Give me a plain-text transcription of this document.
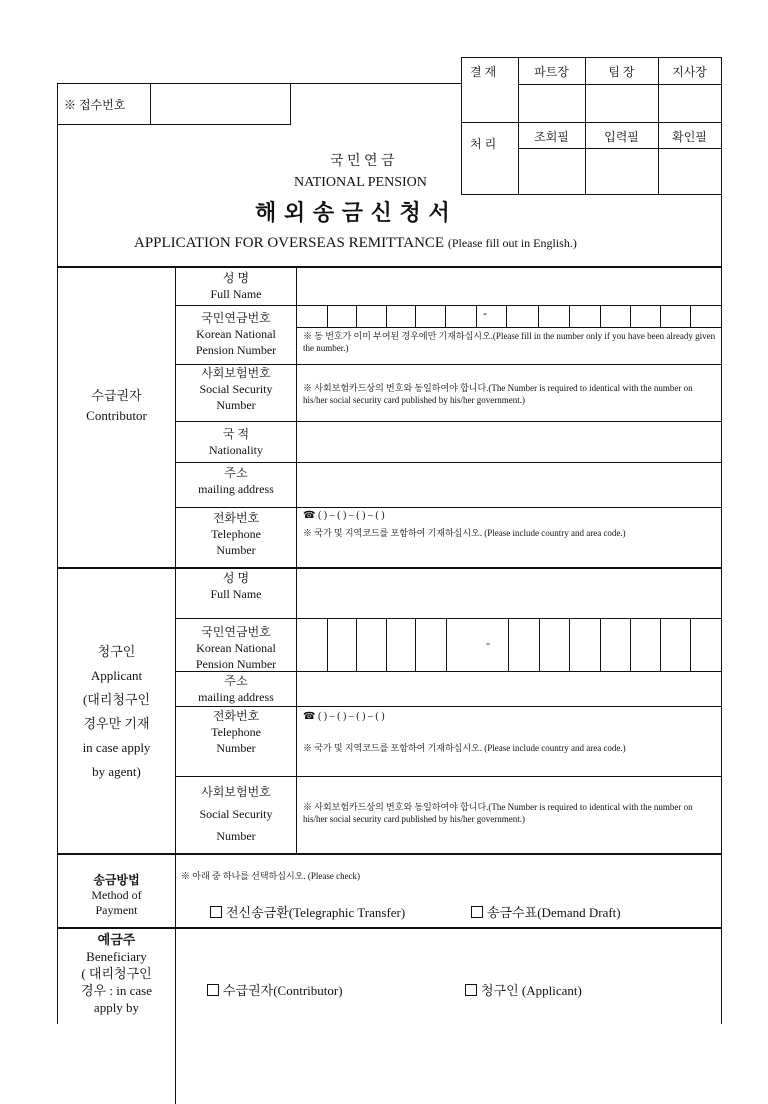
결 재
처 리
파트장	팀 장	지사장
조회필	입력필	확인필
※ 접수번호
국 민 연 금
NATIONAL PENSION
해 외 송 금 신 청 서
APPLICATION FOR OVERSEAS REMITTANCE (Please fill out in English.)
-
수급권자
Contributor
성 명
Full Name
국민연금번호
Korean National
Pension Number
※ 동 번호가 이미 부여된 경우에만 기재하십시오.(Please fill in the number only if you have been already given the number.)
사회보험번호
Social Security
Number
※ 사회보험카드상의 번호와 동일하여야 합니다.(The Number is required to identical with the number on his/her social security card published by his/her government.)
국 적
Nationality
주소
mailing address
전화번호
Telephone
Number
☎ ( ) – ( ) – ( ) – ( )
※ 국가 및 지역코드를 포함하여 기재하십시오. (Please include country and area code.)
-
청구인
Applicant
(대리청구인
경우만 기재
in case apply
by agent)
성 명
Full Name
국민연금번호
Korean National
Pension Number
주소
mailing address
전화번호
Telephone
Number
☎ ( ) – ( ) – ( ) – ( )
※ 국가 및 지역코드를 포함하여 기재하십시오. (Please include country and area code.)
사회보험번호
Social Security
Number
※ 사회보험카드상의 번호와 동일하여야 합니다.(The Number is required to identical with the number on his/her social security card published by his/her government.)
송금방법
Method of
Payment
※ 아래 중 하나를 선택하십시오. (Please check)
전신송금환(Telegraphic Transfer)	송금수표(Demand Draft)
예금주
Beneficiary
( 대리청구인
경우 : in case
apply by
수급권자(Contributor)	청구인 (Applicant)
